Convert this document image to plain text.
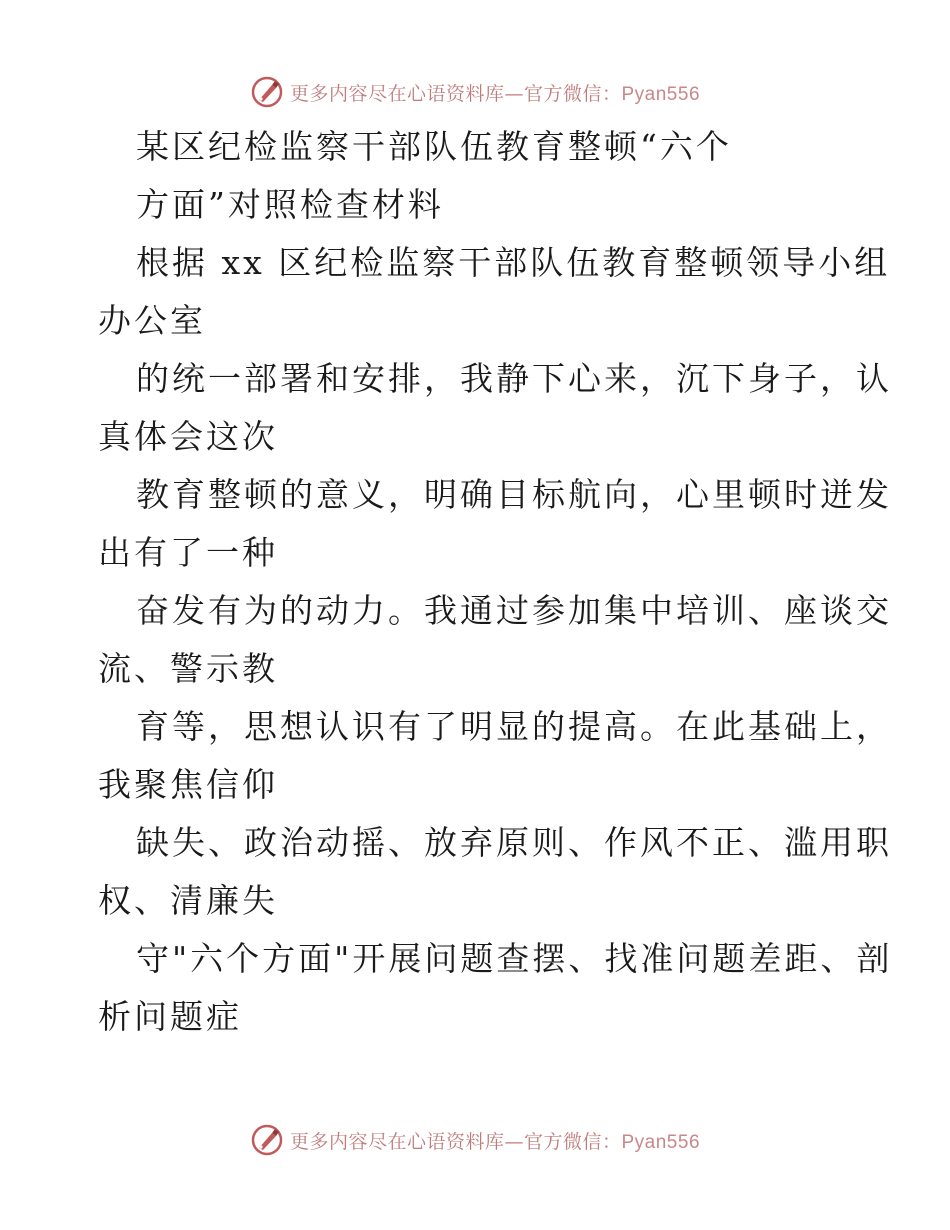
更多内容尽在心语资料库—官方微信：Pyan556
某区纪检监察干部队伍教育整顿“六个
方面”对照检查材料
根据 xx 区纪检监察干部队伍教育整顿领导小组
办公室
的统一部署和安排，我静下心来，沉下身子，认
真体会这次
教育整顿的意义，明确目标航向，心里顿时迸发
出有了一种
奋发有为的动力。我通过参加集中培训、座谈交
流、警示教
育等，思想认识有了明显的提高。在此基础上，
我聚焦信仰
缺失、政治动摇、放弃原则、作风不正、滥用职
权、清廉失
守"六个方面"开展问题查摆、找准问题差距、剖
析问题症
更多内容尽在心语资料库—官方微信：Pyan556
